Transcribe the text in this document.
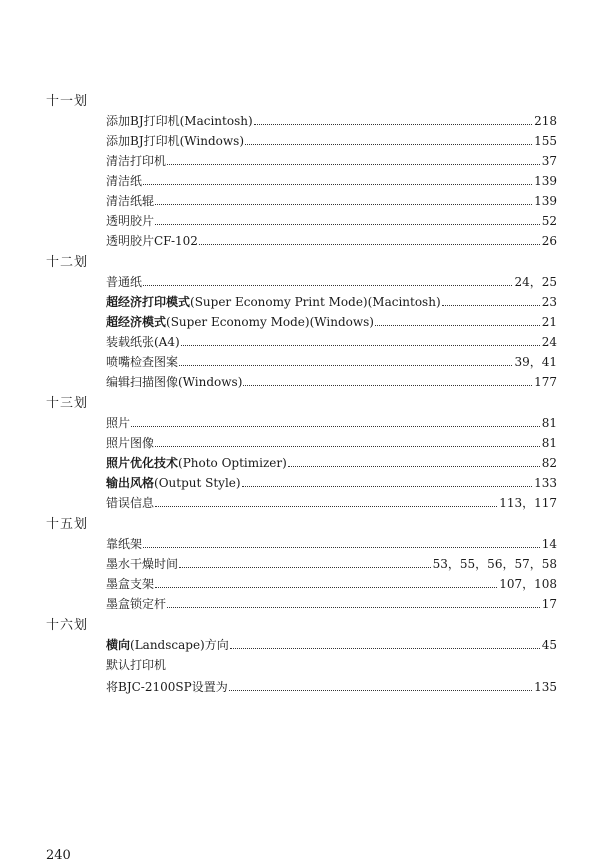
十一划
添加BJ打印机(Macintosh)	218
添加BJ打印机(Windows)	155
清洁打印机	37
清洁纸	139
清洁纸辊	139
透明胶片	52
透明胶片CF-102	26
十二划
普通纸	24，25
超经济打印模式(Super Economy Print Mode)(Macintosh)	23
超经济模式(Super Economy Mode)(Windows)	21
装载纸张(A4)	24
喷嘴检查图案	39，41
编辑扫描图像(Windows)	177
十三划
照片	81
照片图像	81
照片优化技术(Photo Optimizer)	82
输出风格(Output Style)	133
错误信息	113，117
十五划
靠纸架	14
墨水干燥时间	53，55，56，57，58
墨盒支架	107，108
墨盒锁定杆	17
十六划
横向(Landscape)方向	45
默认打印机
将BJC-2100SP设置为	135
240
